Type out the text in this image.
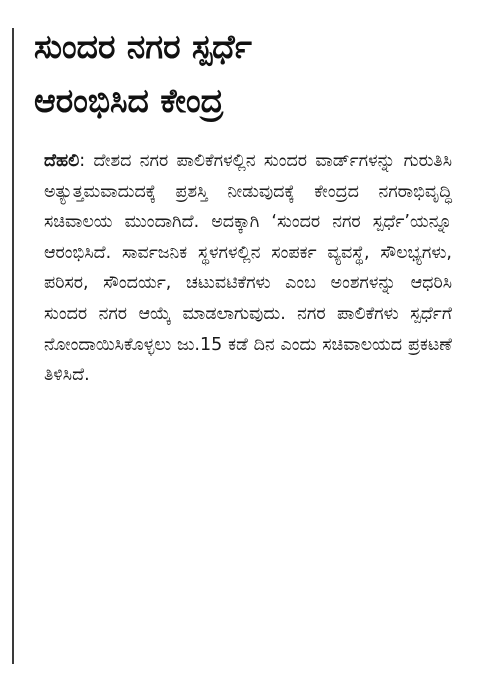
ಸುಂದರ ನಗರ ಸ್ಪರ್ಧೆ
ಆರಂಭಿಸಿದ ಕೇಂದ್ರ

ದೆಹಲಿ: ದೇಶದ ನಗರ ಪಾಲಿಕೆಗಳಲ್ಲಿನ ಸುಂದರ ವಾರ್ಡ್‌ಗಳನ್ನು ಗುರುತಿಸಿ ಅತ್ಯುತ್ತಮವಾದುದಕ್ಕೆ ಪ್ರಶಸ್ತಿ ನೀಡುವುದಕ್ಕೆ ಕೇಂದ್ರದ ನಗರಾಭಿವೃದ್ಧಿ ಸಚಿವಾಲಯ ಮುಂದಾಗಿದೆ. ಅದಕ್ಕಾಗಿ ‘ಸುಂದರ ನಗರ ಸ್ಪರ್ಧೆ’ಯನ್ನೂ ಆರಂಭಿಸಿದೆ. ಸಾರ್ವಜನಿಕ ಸ್ಥಳಗಳಲ್ಲಿನ ಸಂಪರ್ಕ ವ್ಯವಸ್ಥೆ, ಸೌಲಭ್ಯಗಳು, ಪರಿಸರ, ಸೌಂದರ್ಯ, ಚಟುವಟಿಕೆಗಳು ಎಂಬ ಅಂಶಗಳನ್ನು ಆಧರಿಸಿ ಸುಂದರ ನಗರ ಆಯ್ಕೆ ಮಾಡಲಾಗುವುದು. ನಗರ ಪಾಲಿಕೆಗಳು ಸ್ಪರ್ಧೆಗೆ ನೋಂದಾಯಿಸಿಕೊಳ್ಳಲು ಜು.15 ಕಡೆ ದಿನ ಎಂದು ಸಚಿವಾಲಯದ ಪ್ರಕಟಣೆ ತಿಳಿಸಿದೆ.
